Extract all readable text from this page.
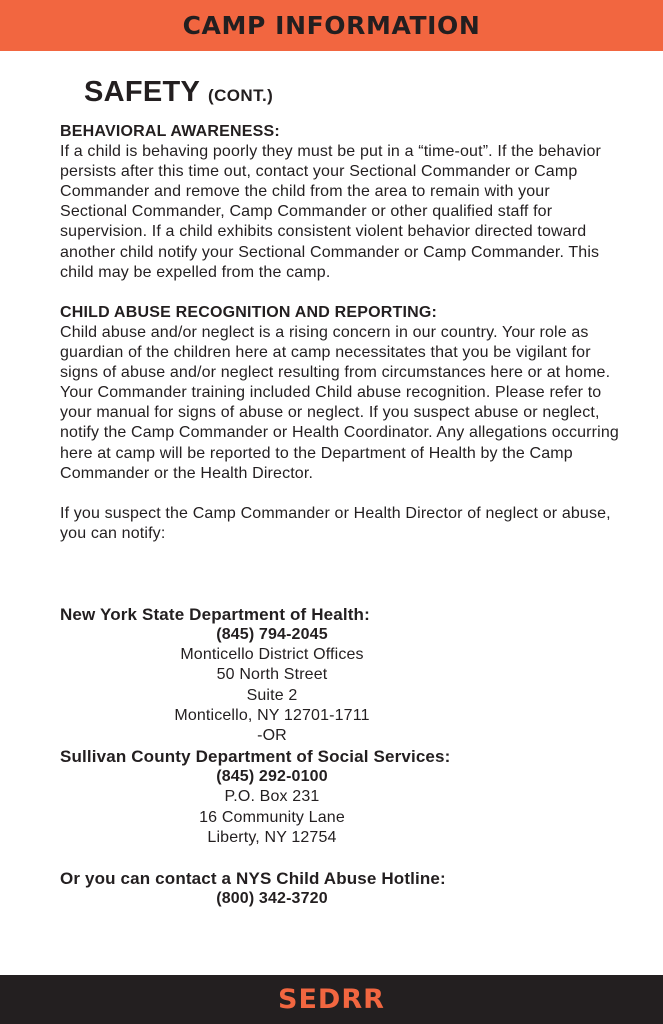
CAMP INFORMATION
SAFETY (CONT.)
BEHAVIORAL AWARENESS:

If a child is behaving poorly they must be put in a “time-out”. If the behavior persists after this time out, contact your Sectional Commander or Camp Commander and remove the child from the area to remain with your Sectional Commander, Camp Commander or other qualified staff for supervision. If a child exhibits consistent violent behavior directed toward another child notify your Sectional Commander or Camp Commander. This child may be expelled from the camp.

CHILD ABUSE RECOGNITION AND REPORTING:

Child abuse and/or neglect is a rising concern in our country. Your role as guardian of the children here at camp necessitates that you be vigilant for signs of abuse and/or neglect resulting from circumstances here or at home. Your Commander training included Child abuse recognition. Please refer to your manual for signs of abuse or neglect. If you suspect abuse or neglect, notify the Camp Commander or Health Coordinator. Any allegations occurring here at camp will be reported to the Department of Health by the Camp Commander or the Health Director.

If you suspect the Camp Commander or Health Director of neglect or abuse, you can notify:

New York State Department of Health:
(845) 794-2045
Monticello District Offices
50 North Street
Suite 2
Monticello, NY 12701-1711
-OR
Sullivan County Department of Social Services:
(845) 292-0100
P.O. Box 231
16 Community Lane
Liberty, NY 12754
Or you can contact a NYS Child Abuse Hotline:
(800) 342-3720
SEDRR
